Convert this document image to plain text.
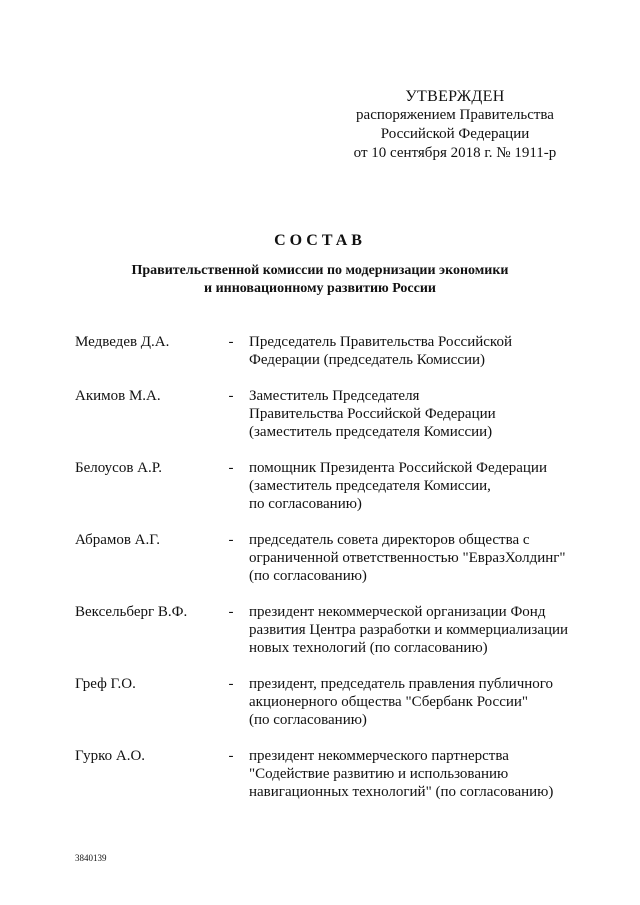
УТВЕРЖДЕН
распоряжением Правительства
Российской Федерации
от 10 сентября 2018 г. № 1911-р
СОСТАВ
Правительственной комиссии по модернизации экономики
и инновационному развитию России
Медведев Д.А.	- Председатель Правительства Российской
Федерации (председатель Комиссии)
Акимов М.А.	- Заместитель Председателя
Правительства Российской Федерации
(заместитель председателя Комиссии)
Белоусов А.Р.	- помощник Президента Российской Федерации
(заместитель председателя Комиссии,
по согласованию)
Абрамов А.Г.	- председатель совета директоров общества с
ограниченной ответственностью "ЕвразХолдинг"
(по согласованию)
Вексельберг В.Ф.	- президент некоммерческой организации Фонд
развития Центра разработки и коммерциализации
новых технологий (по согласованию)
Греф Г.О.	- президент, председатель правления публичного
акционерного общества "Сбербанк России"
(по согласованию)
Гурко А.О.	- президент некоммерческого партнерства
"Содействие развитию и использованию
навигационных технологий" (по согласованию)
3840139
